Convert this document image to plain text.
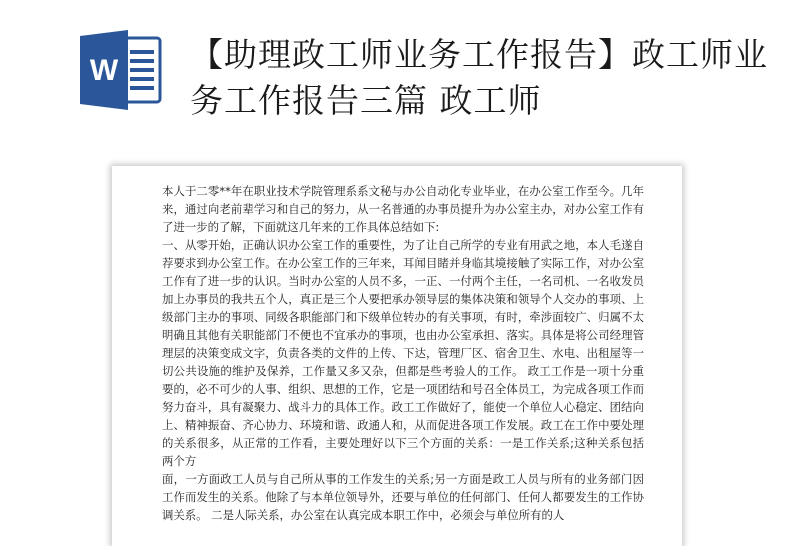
W 【助理政工师业务工作报告】政工师业务工作报告三篇 政工师

本人于二零**年在职业技术学院管理系系文秘与办公自动化专业毕业，在办公室工作至今。几年来，通过向老前辈学习和自己的努力，从一名普通的办事员提升为办公室主办，对办公室工作有了进一步的了解，下面就这几年来的工作具体总结如下:

一、从零开始，正确认识办公室工作的重要性，为了让自己所学的专业有用武之地，本人毛遂自荐要求到办公室工作。在办公室工作的三年来，耳闻目睹并身临其境接触了实际工作，对办公室工作有了进一步的认识。当时办公室的人员不多，一正、一付两个主任，一名司机、一名收发员加上办事员的我共五个人，真正是三个人要把承办领导层的集体决策和领导个人交办的事项、上级部门主办的事项、同级各职能部门和下级单位转办的有关事项，有时，牵涉面较广、归属不太明确且其他有关职能部门不便也不宜承办的事项，也由办公室承担、落实。具体是将公司经理管理层的决策变成文字，负责各类的文件的上传、下达，管理厂区、宿舍卫生、水电、出租屋等一切公共设施的维护及保养，工作量又多又杂，但都是些考验人的工作。 政工工作是一项十分重要的，必不可少的人事、组织、思想的工作，它是一项团结和号召全体员工，为完成各项工作而努力奋斗，具有凝聚力、战斗力的具体工作。政工工作做好了，能使一个单位人心稳定、团结向上、精神振奋、齐心协力、环境和谐、政通人和，从而促进各项工作发展。政工在工作中要处理的关系很多，从正常的工作看，主要处理好以下三个方面的关系：一是工作关系;这种关系包括两个方

面，一方面政工人员与自己所从事的工作发生的关系;另一方面是政工人员与所有的业务部门因工作而发生的关系。他除了与本单位领导外，还要与单位的任何部门、任何人都要发生的工作协调关系。 二是人际关系，办公室在认真完成本职工作中，必须会与单位所有的人
